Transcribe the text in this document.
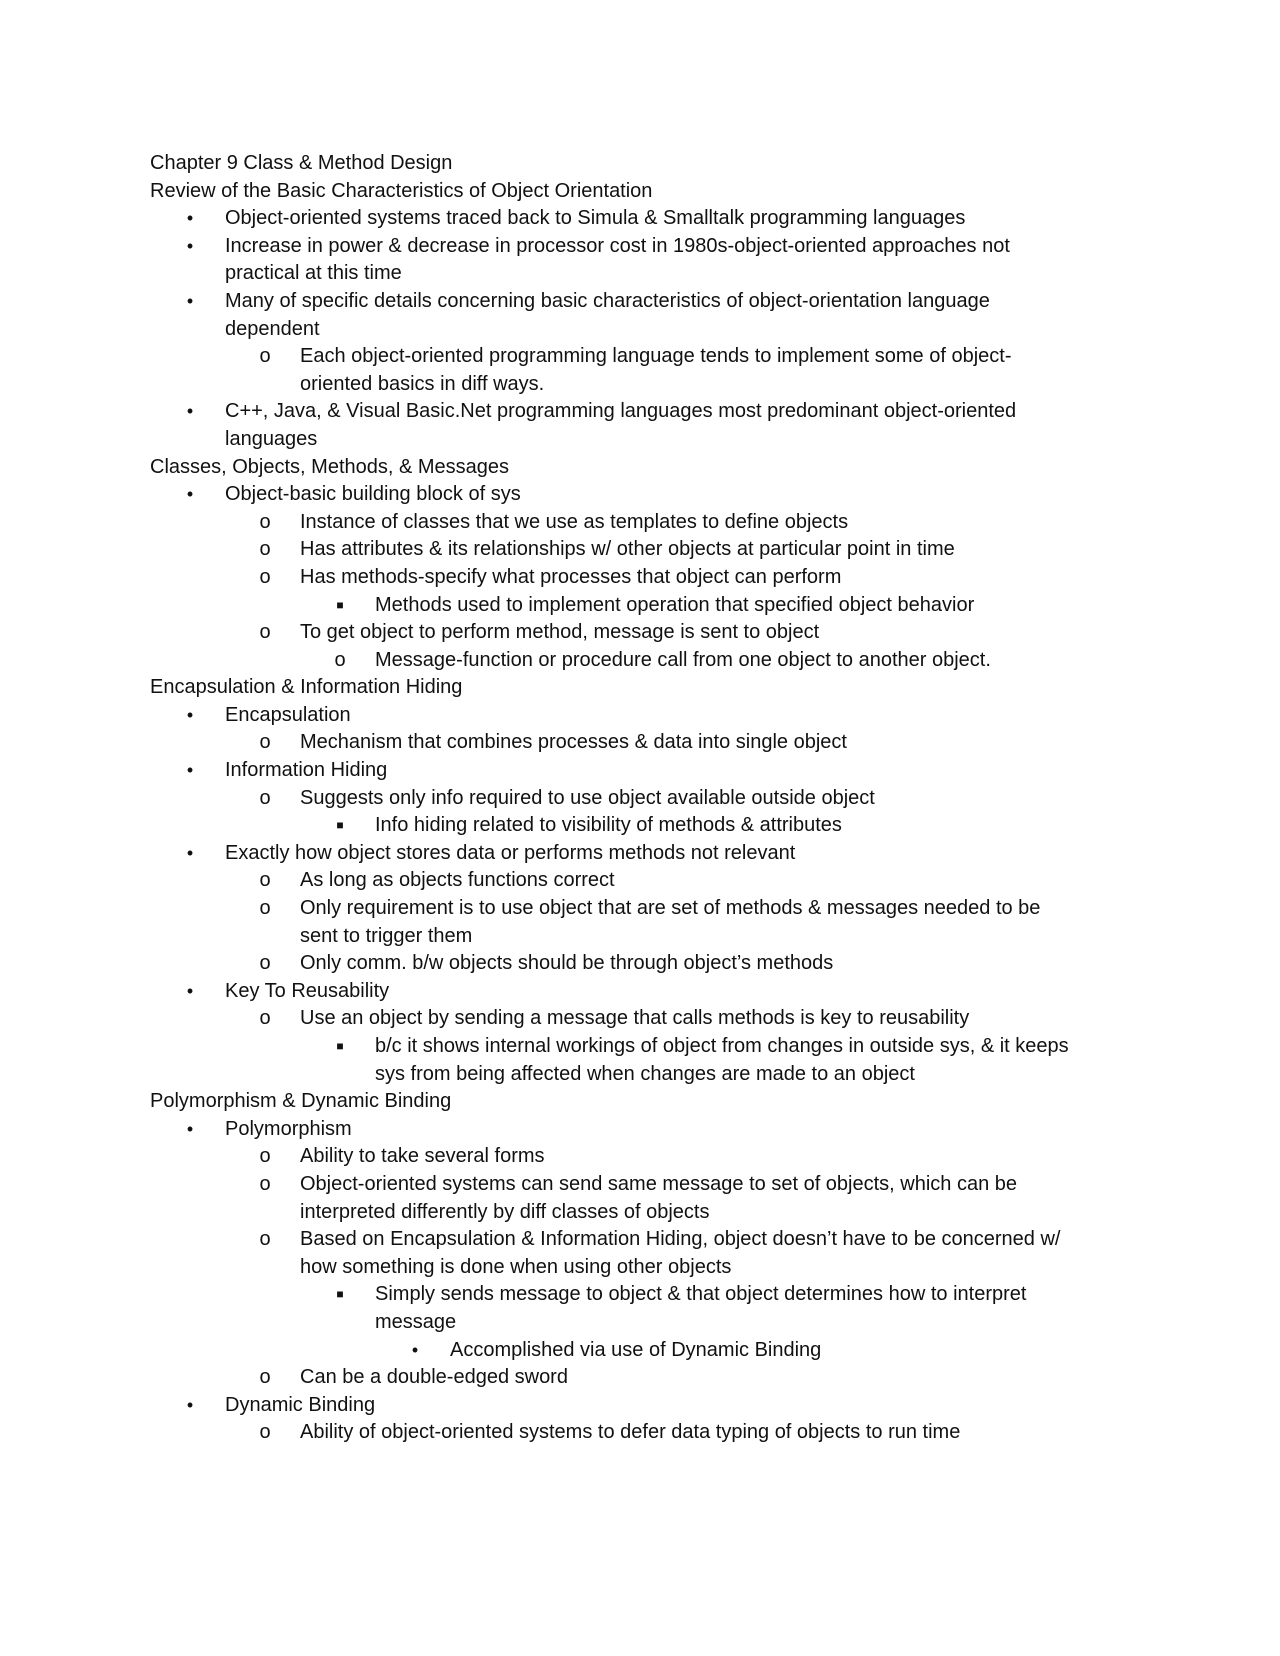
Chapter 9 Class & Method Design
Review of the Basic Characteristics of Object Orientation
•	Object-oriented systems traced back to Simula & Smalltalk programming languages
•	Increase in power & decrease in processor cost in 1980s-object-oriented approaches not
practical at this time
•	Many of specific details concerning basic characteristics of object-orientation language
dependent
o Each object-oriented programming language tends to implement some of object-
oriented basics in diff ways.
•	C++, Java, & Visual Basic.Net programming languages most predominant object-oriented
languages
Classes, Objects, Methods, & Messages
•	Object-basic building block of sys
o Instance of classes that we use as templates to define objects
o Has attributes & its relationships w/ other objects at particular point in time
o Has methods-specify what processes that object can perform
■	Methods used to implement operation that specified object behavior
o To get object to perform method, message is sent to object
o Message-function or procedure call from one object to another object.
Encapsulation & Information Hiding
•	Encapsulation
o Mechanism that combines processes & data into single object
•	Information Hiding
o Suggests only info required to use object available outside object
■	Info hiding related to visibility of methods & attributes
•	Exactly how object stores data or performs methods not relevant
o As long as objects functions correct
o Only requirement is to use object that are set of methods & messages needed to be
sent to trigger them
o Only comm. b/w objects should be through object’s methods
•	Key To Reusability
o Use an object by sending a message that calls methods is key to reusability
■	b/c it shows internal workings of object from changes in outside sys, & it keeps
sys from being affected when changes are made to an object
Polymorphism & Dynamic Binding
•	Polymorphism
o Ability to take several forms
o Object-oriented systems can send same message to set of objects, which can be
interpreted differently by diff classes of objects
o Based on Encapsulation & Information Hiding, object doesn’t have to be concerned w/
how something is done when using other objects
■	Simply sends message to object & that object determines how to interpret
message
•	Accomplished via use of Dynamic Binding
o Can be a double-edged sword
•	Dynamic Binding
o Ability of object-oriented systems to defer data typing of objects to run time
